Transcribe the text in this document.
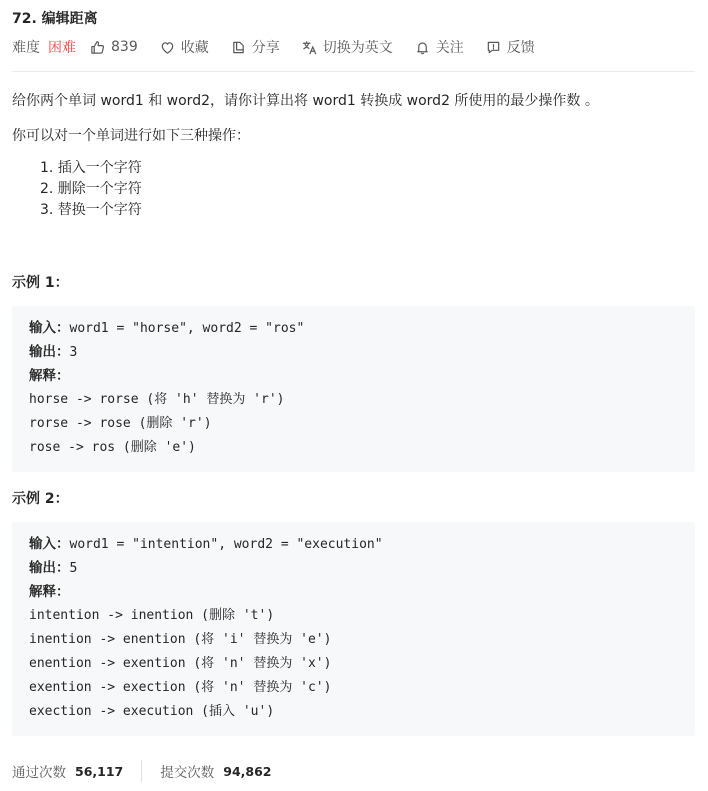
72. 编辑距离
难度 困难	839	收藏	分享	切换为英文	关注	反馈

给你两个单词 word1 和 word2，请你计算出将 word1 转换成 word2 所使用的最少操作数 。

你可以对一个单词进行如下三种操作：

1. 插入一个字符
2. 删除一个字符
3. 替换一个字符

示例 1：

输入：word1 = "horse", word2 = "ros"
输出：3
解释：
horse -> rorse (将 'h' 替换为 'r')
rorse -> rose (删除 'r')
rose -> ros (删除 'e')

示例 2：

输入：word1 = "intention", word2 = "execution"
输出：5
解释：
intention -> inention (删除 't')
inention -> enention (将 'i' 替换为 'e')
enention -> exention (将 'n' 替换为 'x')
exention -> exection (将 'n' 替换为 'c')
exection -> execution (插入 'u')
通过次数 56,117	提交次数 94,862
